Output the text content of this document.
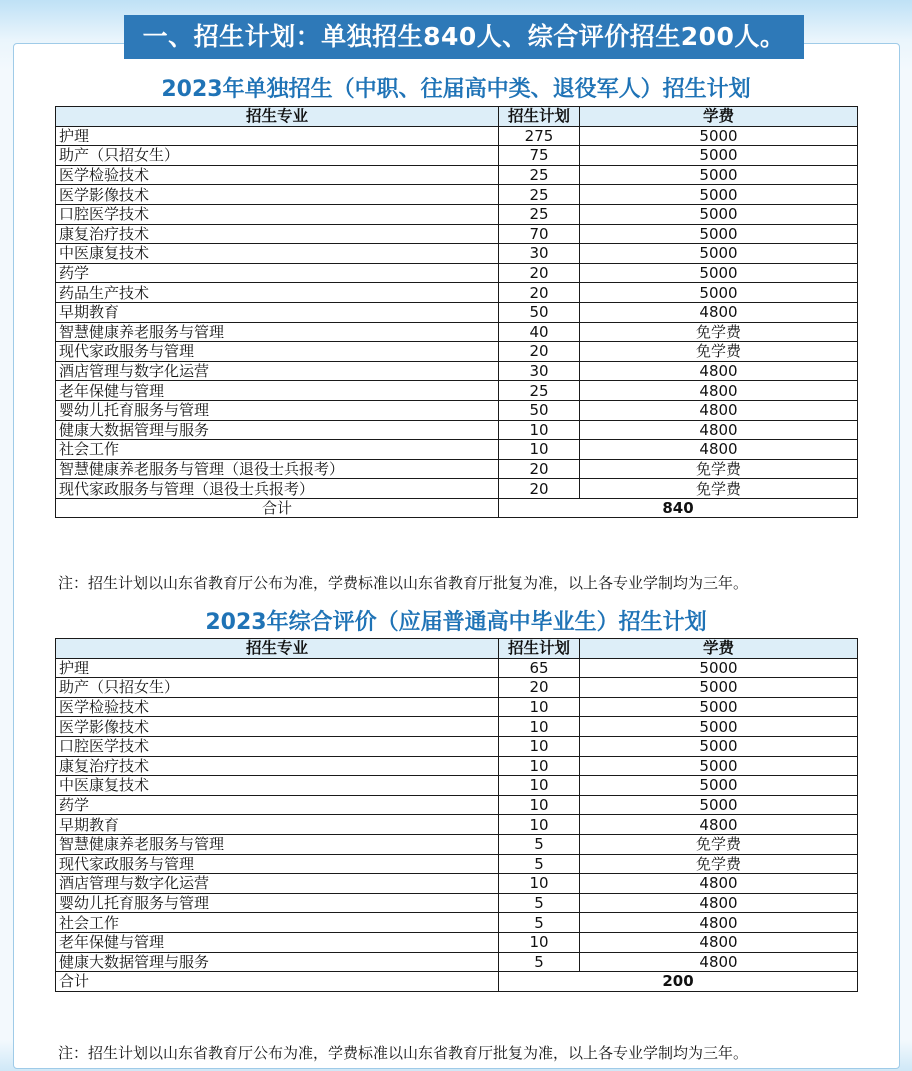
一、招生计划：单独招生840人、综合评价招生200人。
2023年单独招生（中职、往届高中类、退役军人）招生计划
招生专业	招生计划	学费
护理	275	5000
助产（只招女生）	75	5000
医学检验技术	25	5000
医学影像技术	25	5000
口腔医学技术	25	5000
康复治疗技术	70	5000
中医康复技术	30	5000
药学	20	5000
药品生产技术	20	5000
早期教育	50	4800
智慧健康养老服务与管理	40	免学费
现代家政服务与管理	20	免学费
酒店管理与数字化运营	30	4800
老年保健与管理	25	4800
婴幼儿托育服务与管理	50	4800
健康大数据管理与服务	10	4800
社会工作	10	4800
智慧健康养老服务与管理（退役士兵报考）	20	免学费
现代家政服务与管理（退役士兵报考）	20	免学费
合计	840	
注：招生计划以山东省教育厅公布为准，学费标准以山东省教育厅批复为准，以上各专业学制均为三年。
2023年综合评价（应届普通高中毕业生）招生计划
招生专业	招生计划	学费
护理	65	5000
助产（只招女生）	20	5000
医学检验技术	10	5000
医学影像技术	10	5000
口腔医学技术	10	5000
康复治疗技术	10	5000
中医康复技术	10	5000
药学	10	5000
早期教育	10	4800
智慧健康养老服务与管理	5	免学费
现代家政服务与管理	5	免学费
酒店管理与数字化运营	10	4800
婴幼儿托育服务与管理	5	4800
社会工作	5	4800
老年保健与管理	10	4800
健康大数据管理与服务	5	4800
合计	200	
注：招生计划以山东省教育厅公布为准，学费标准以山东省教育厅批复为准，以上各专业学制均为三年。
